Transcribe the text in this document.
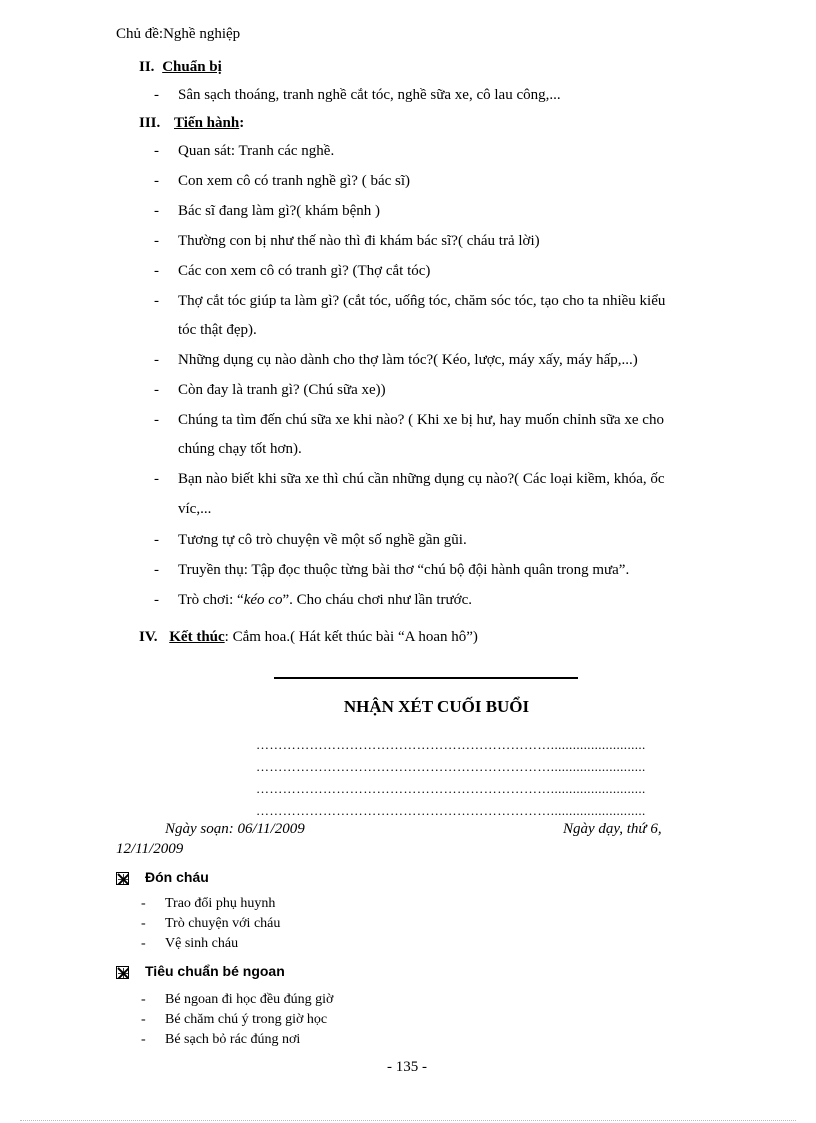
Chủ đề:Nghề nghiệp
II. Chuẩn bị
- Sân sạch thoáng, tranh nghề cắt tóc, nghề sữa xe, cô lau công,...
III. Tiến hành:
- Quan sát: Tranh các nghề.
- Con xem cô có tranh nghề gì? ( bác sĩ)
- Bác sĩ đang làm gì?( khám bệnh )
- Thường con bị như thế nào thì đi khám bác sĩ?( cháu trả lời)
- Các con xem cô có tranh gì? (Thợ cắt tóc)
- Thợ cắt tóc giúp ta làm gì? (cắt tóc, uốn̂g tóc, chăm sóc tóc, tạo cho ta nhiều kiểu
tóc thật đẹp).
- Những dụng cụ nào dành cho thợ làm tóc?( Kéo, lược, máy xấy, máy hấp,...)
- Còn đay là tranh gì? (Chú sữa xe))
- Chúng ta tìm đến chú sữa xe khi nào? ( Khi xe bị hư, hay muốn chỉnh sữa xe cho
chúng chạy tốt hơn).
- Bạn nào biết khi sữa xe thì chú cần những dụng cụ nào?( Các loại kiềm, khóa, ốc
víc,...
- Tương tự cô trò chuyện về một số nghề gần gũi.
- Truyền thụ: Tập đọc thuộc từng bài thơ “chú bộ đội hành quân trong mưa”.
- Trò chơi: “kéo co”. Cho cháu chơi như lần trước.
IV. Kết thúc: Cắm hoa.( Hát kết thúc bài “A hoan hô”)
NHẬN XÉT CUỐI BUỔI
…………………………………………………………..........................
…………………………………………………………..........................
…………………………………………………………..........................
…………………………………………………………..........................
Ngày soạn: 06/11/2009	Ngày dạy, thứ 6,
12/11/2009
Đón cháu
- Trao đổi phụ huynh
- Trò chuyện với cháu
- Vệ sinh cháu
Tiêu chuẩn bé ngoan
- Bé ngoan đi học đều đúng giờ
- Bé chăm chú ý trong giờ học
- Bé sạch bỏ rác đúng nơi
- 135 -
